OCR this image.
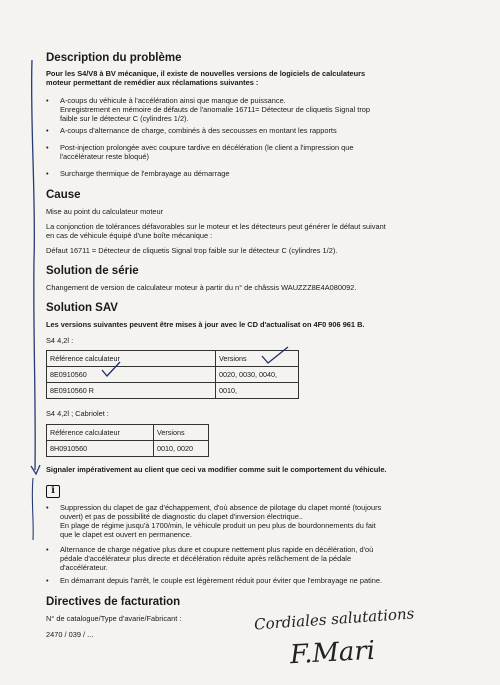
Description du problème
Pour les S4/V8 à BV mécanique, il existe de nouvelles versions de logiciels de calculateurs
moteur permettant de remédier aux réclamations suivantes :
• A-coups du véhicule à l'accélération ainsi que manque de puissance.
Enregistrement en mémoire de défauts de l'anomalie 16711= Détecteur de cliquetis Signal trop
faible sur le détecteur C (cylindres 1/2).
• A-coups d'alternance de charge, combinés à des secousses en montant les rapports
• Post-injection prolongée avec coupure tardive en décélération (le client a l'impression que
l'accélérateur reste bloqué)
• Surcharge thermique de l'embrayage au démarrage
Cause
Mise au point du calculateur moteur
La conjonction de tolérances défavorables sur le moteur et les détecteurs peut générer le défaut suivant
en cas de véhicule équipé d'une boîte mécanique :
Défaut 16711 = Détecteur de cliquetis Signal trop faible sur le détecteur C (cylindres 1/2).
Solution de série
Changement de version de calculateur moteur à partir du n° de châssis WAUZZZ8E4A080092.
Solution SAV
Les versions suivantes peuvent être mises à jour avec le CD d'actualisat on 4F0 906 961 B.
S4 4,2l :
Référence calculateur	Versions
8E0910560	0020, 0030, 0040,
8E0910560 R	0010,
S4 4,2l ; Cabriolet :
Référence calculateur	Versions
8H0910560	0010, 0020
Signaler impérativement au client que ceci va modifier comme suit le comportement du véhicule.
i
• Suppression du clapet de gaz d'échappement, d'où absence de pilotage du clapet monté (toujours
ouvert) et pas de possibilité de diagnostic du clapet d'inversion électrique..
En plage de régime jusqu'à 1700/min, le véhicule produit un peu plus de bourdonnements du fait
que le clapet est ouvert en permanence.
• Alternance de charge négative plus dure et coupure nettement plus rapide en décélération, d'où
pédale d'accélérateur plus directe et décélération réduite après relâchement de la pédale
d'accélérateur.
• En démarrant depuis l'arrêt, le couple est légèrement réduit pour éviter que l'embrayage ne patine.
Directives de facturation
N° de catalogue/Type d'avarie/Fabricant :
2470 / 039 / ...
Cordiales salutations
F.Mari
